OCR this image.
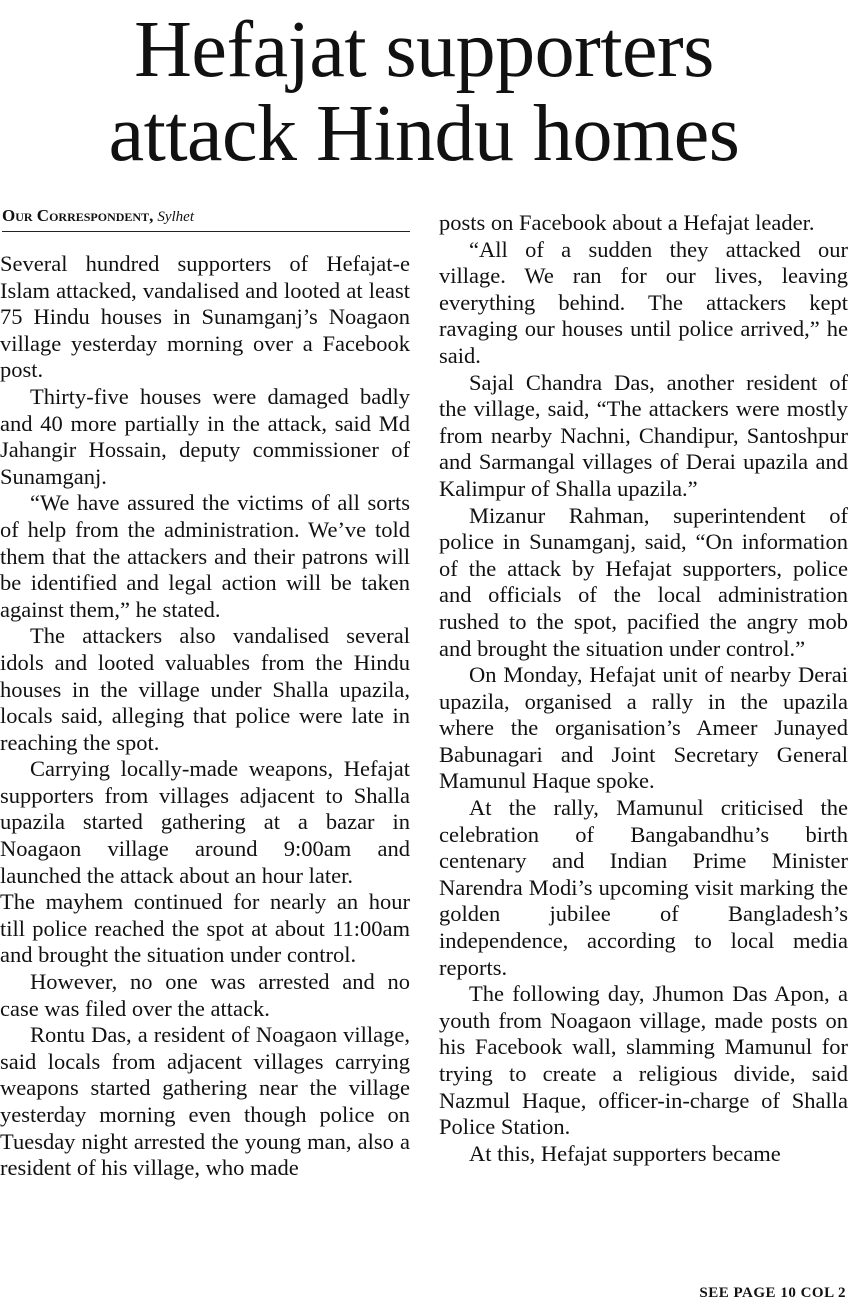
Hefajat supporters
attack Hindu homes
Our Correspondent, Sylhet

Several hundred supporters of Hefajat-e Islam attacked, vandalised and looted at least 75 Hindu houses in Sunamganj’s Noagaon village yesterday morning over a Facebook post.

Thirty-five houses were damaged badly and 40 more partially in the attack, said Md Jahangir Hossain, deputy commissioner of Sunamganj.

“We have assured the victims of all sorts of help from the administration. We’ve told them that the attackers and their patrons will be identified and legal action will be taken against them,” he stated.

The attackers also vandalised several idols and looted valuables from the Hindu houses in the village under Shalla upazila, locals said, alleging that police were late in reaching the spot.

Carrying locally-made weapons, Hefajat supporters from villages adjacent to Shalla upazila started gathering at a bazar in Noagaon village around 9:00am and launched the attack about an hour later.

The mayhem continued for nearly an hour till police reached the spot at about 11:00am and brought the situation under control.

However, no one was arrested and no case was filed over the attack.

Rontu Das, a resident of Noagaon village, said locals from adjacent villages carrying weapons started gathering near the village yesterday morning even though police on Tuesday night arrested the young man, also a resident of his village, who made

posts on Facebook about a Hefajat leader.

“All of a sudden they attacked our village. We ran for our lives, leaving everything behind. The attackers kept ravaging our houses until police arrived,” he said.

Sajal Chandra Das, another resident of the village, said, “The attackers were mostly from nearby Nachni, Chandipur, Santoshpur and Sarmangal villages of Derai upazila and Kalimpur of Shalla upazila.”

Mizanur Rahman, superintendent of police in Sunamganj, said, “On information of the attack by Hefajat supporters, police and officials of the local administration rushed to the spot, pacified the angry mob and brought the situation under control.”

On Monday, Hefajat unit of nearby Derai upazila, organised a rally in the upazila where the organisation’s Ameer Junayed Babunagari and Joint Secretary General Mamunul Haque spoke.

At the rally, Mamunul criticised the celebration of Bangabandhu’s birth centenary and Indian Prime Minister Narendra Modi’s upcoming visit marking the golden jubilee of Bangladesh’s independence, according to local media reports.

The following day, Jhumon Das Apon, a youth from Noagaon village, made posts on his Facebook wall, slamming Mamunul for trying to create a religious divide, said Nazmul Haque, officer-in-charge of Shalla Police Station.

At this, Hefajat supporters became

SEE PAGE 10 COL 2
